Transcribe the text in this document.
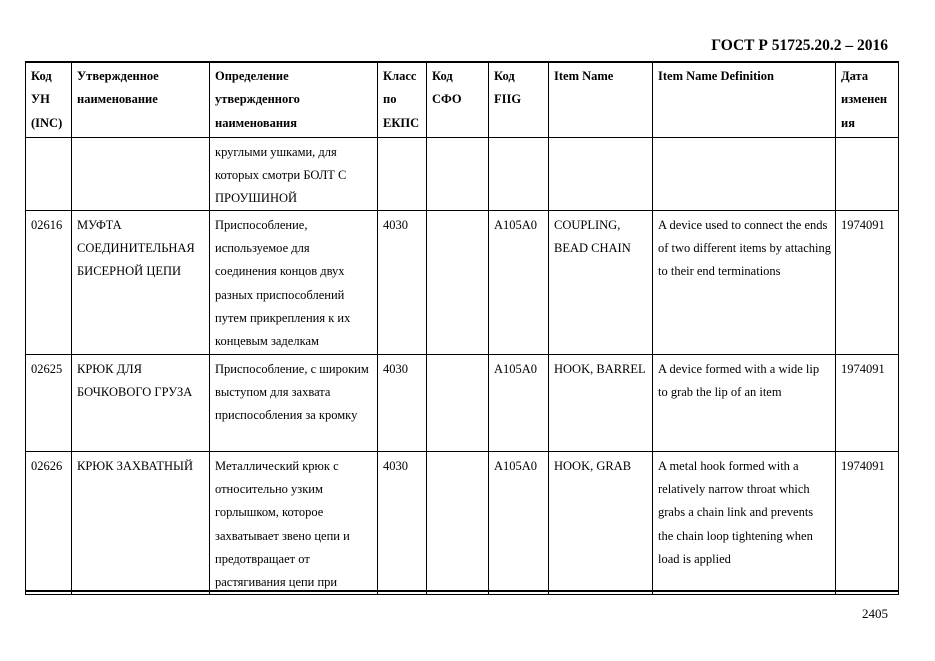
ГОСТ Р 51725.20.2 – 2016
Код УН (INC)	Утвержденное наименование	Определение утвержденного наименования	Класс по ЕКПС	Код СФО	Код FIIG	Item Name	Item Name Definition	Дата изменения
		круглыми ушками, для которых смотри БОЛТ С ПРОУШИНОЙ						
02616	МУФТА СОЕДИНИТЕЛЬНАЯ БИСЕРНОЙ ЦЕПИ	Приспособление, используемое для соединения концов двух разных приспособлений путем прикрепления к их концевым заделкам	4030		A105A0	COUPLING, BEAD CHAIN	A device used to connect the ends of two different items by attaching to their end terminations	1974091
02625	КРЮК ДЛЯ БОЧКОВОГО ГРУЗА	Приспособление, с широким выступом для захвата приспособления за кромку	4030		A105A0	HOOK, BARREL	A device formed with a wide lip to grab the lip of an item	1974091
02626	КРЮК ЗАХВАТНЫЙ	Металлический крюк с относительно узким горлышком, которое захватывает звено цепи и предотвращает от растягивания цепи при	4030		A105A0	HOOK, GRAB	A metal hook formed with a relatively narrow throat which grabs a chain link and prevents the chain loop tightening when load is applied	1974091
2405
